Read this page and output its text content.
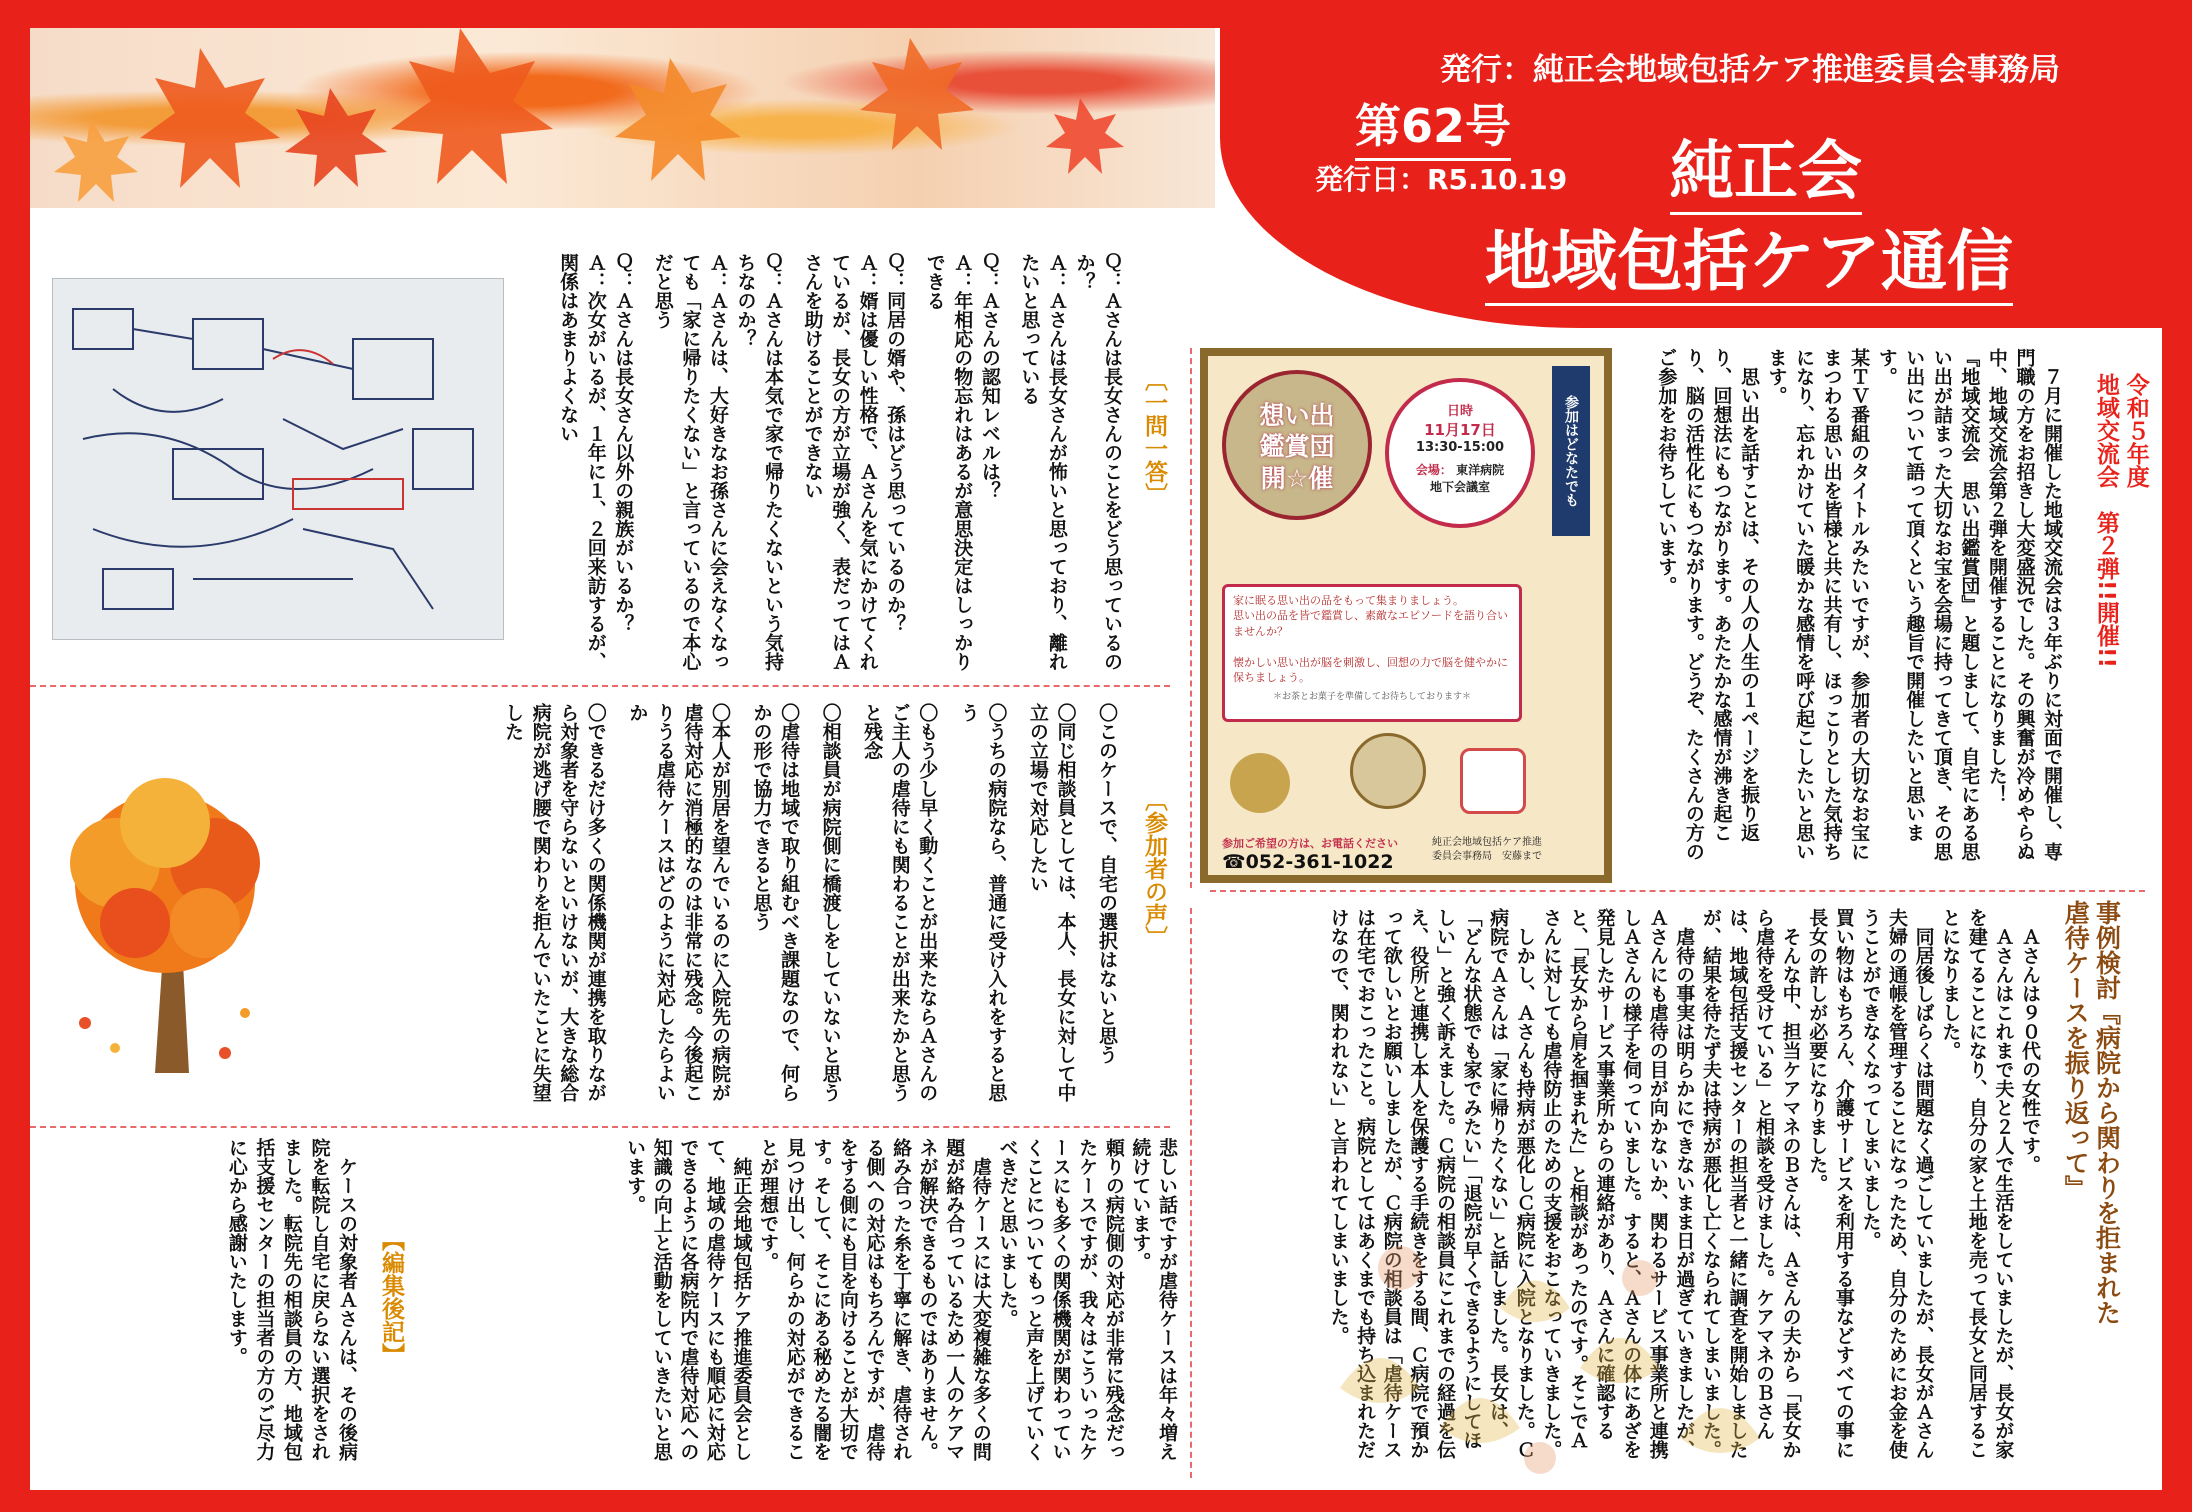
発行：純正会地域包括ケア推進委員会事務局
第62号
発行日：R5.10.19 純正会
地域包括ケア通信
令和５年度
地域交流会　第２弾!!開催!!
　７月に開催した地域交流会は３年ぶりに対面で開催し、専門職の方をお招きし大変盛況でした。その興奮が冷めやらぬ中、地域交流会第２弾を開催することになりました！
『地域交流会　思い出鑑賞団』と題しまして、自宅にある思い出が詰まった大切なお宝を会場に持ってきて頂き、その思い出について語って頂くという趣旨で開催したいと思います。
某ＴＶ番組のタイトルみたいですが、参加者の大切なお宝にまつわる思い出を皆様と共に共有し、ほっこりとした気持ちになり、忘れかけていた暖かな感情を呼び起こしたいと思います。
　思い出を話すことは、その人の人生の１ページを振り返り、回想法にもつながります。あたたかな感情が沸き起こり、脳の活性化にもつながります。どうぞ、たくさんの方のご参加をお待ちしています。
想い出
鑑賞団
開☆催
日時
11月17日
13:30-15:00
会場： 東洋病院
地下会議室	参加はどなたでも
家に眠る思い出の品をもって集まりましょう。
思い出の品を皆で鑑賞し、素敵なエピソードを語り合いませんか？

懐かしい思い出が脳を刺激し、回想の力で脳を健やかに保ちましょう。
＊お茶とお菓子を準備してお待ちしております＊
参加ご希望の方は、お電話ください
☎052-361-1022
純正会地域包括ケア推進
委員会事務局　安藤まで
事例検討『病院から関わりを拒まれた
虐待ケースを振り返って』
　Ａさんは９０代の女性です。
　Ａさんはこれまで夫と２人で生活をしていましたが、長女が家を建てることになり、自分の家と土地を売って長女と同居することになりました。
　同居後しばらくは問題なく過ごしていましたが、長女がＡさん夫婦の通帳を管理することになったため、自分のためにお金を使うことができなくなってしまいました。
買い物はもちろん、介護サービスを利用する事などすべての事に長女の許しが必要になりました。
　そんな中、担当ケアマネのＢさんは、Ａさんの夫から「長女から虐待を受けている」と相談を受けました。ケアマネのＢさんは、地域包括支援センターの担当者と一緒に調査を開始しましたが、結果を待たず夫は持病が悪化し亡くなられてしまいました。
　虐待の事実は明らかにできないまま日が過ぎていきましたが、Ａさんにも虐待の目が向かないか、関わるサービス事業所と連携しＡさんの様子を伺っていました。すると、Ａさんの体にあざを発見したサービス事業所からの連絡があり、Ａさんに確認すると、「長女から肩を掴まれた」と相談があったのです。そこでＡさんに対しても虐待防止のための支援をおこなっていきました。
　しかし、Ａさんも持病が悪化しＣ病院に入院となりました。Ｃ病院でＡさんは「家に帰りたくない」と話しました。長女は、「どんな状態でも家でみたい」「退院が早くできるようにしてほしい」と強く訴えました。Ｃ病院の相談員にこれまでの経過を伝え、役所と連携し本人を保護する手続きをする間、Ｃ病院で預かって欲しいとお願いしましたが、Ｃ病院の相談員は「虐待ケースは在宅でおこったこと。病院としてはあくまでも持ち込まれただけなので、関われない」と言われてしまいました。
〔一問一答〕
Ｑ：Ａさんは長女さんのことをどう思っているのか？
Ａ：Ａさんは長女さんが怖いと思っており、離れたいと思っている
Ｑ：Ａさんの認知レベルは？
Ａ：年相応の物忘れはあるが意思決定はしっかりできる
Ｑ：同居の婿や、孫はどう思っているのか？
Ａ：婿は優しい性格で、Ａさんを気にかけてくれているが、長女の方が立場が強く、表だってはＡさんを助けることができない
Ｑ：Ａさんは本気で家で帰りたくないという気持ちなのか？
Ａ：Ａさんは、大好きなお孫さんに会えなくなっても「家に帰りたくない」と言っているので本心だと思う
Ｑ：Ａさんは長女さん以外の親族がいるか？
Ａ：次女がいるが、１年に１、２回来訪するが、関係はあまりよくない
〔参加者の声〕
〇このケースで、自宅の選択はないと思う
〇同じ相談員としては、本人、長女に対して中立の立場で対応したい
〇うちの病院なら、普通に受け入れをすると思う
〇もう少し早く動くことが出来たならＡさんのご主人の虐待にも関わることが出来たかと思うと残念
〇相談員が病院側に橋渡しをしていないと思う
〇虐待は地域で取り組むべき課題なので、何らかの形で協力できると思う
〇本人が別居を望んでいるのに入院先の病院が虐待対応に消極的なのは非常に残念。今後起こりうる虐待ケースはどのように対応したらよいか
〇できるだけ多くの関係機関が連携を取りながら対象者を守らないといけないが、大きな総合病院が逃げ腰で関わりを拒んでいたことに失望した
悲しい話ですが虐待ケースは年々増え続けています。
頼りの病院側の対応が非常に残念だったケースですが、我々はこういったケースにも多くの関係機関が関わっていくことについてもっと声を上げていくべきだと思いました。
　虐待ケースには大変複雑な多くの問題が絡み合っているため一人のケアマネが解決できるものではありません。絡み合った糸を丁寧に解き、虐待される側への対応はもちろんですが、虐待をする側にも目を向けることが大切です。そして、そこにある秘めたる闇を見つけ出し、何らかの対応ができることが理想です。
　純正会地域包括ケア推進委員会として、地域の虐待ケースにも順応に対応できるように各病院内で虐待対応への知識の向上と活動をしていきたいと思います。
【編集後記】
　ケースの対象者Ａさんは、その後病院を転院し自宅に戻らない選択をされました。転院先の相談員の方、地域包括支援センターの担当者の方のご尽力に心から感謝いたします。
